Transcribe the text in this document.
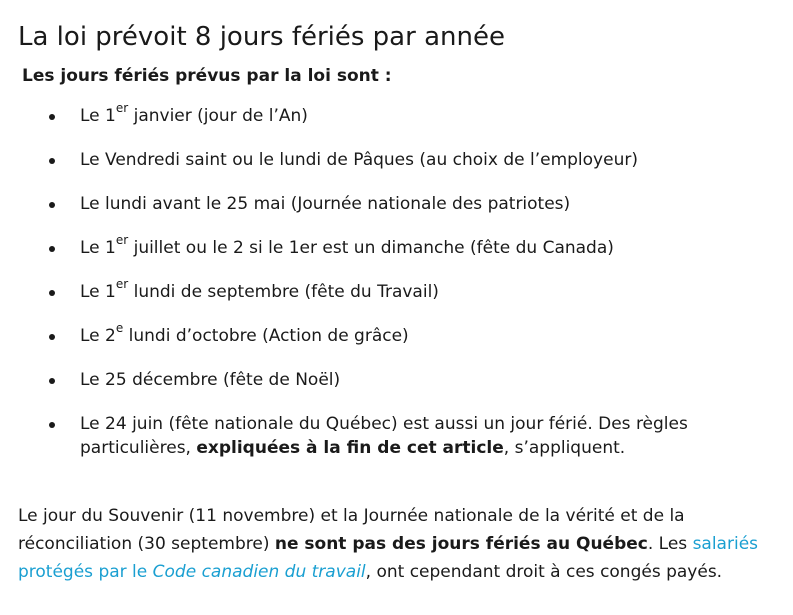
La loi prévoit 8 jours fériés par année

Les jours fériés prévus par la loi sont :

Le 1er janvier (jour de l’An)
Le Vendredi saint ou le lundi de Pâques (au choix de l’employeur)
Le lundi avant le 25 mai (Journée nationale des patriotes)
Le 1er juillet ou le 2 si le 1er est un dimanche (fête du Canada)
Le 1er lundi de septembre (fête du Travail)
Le 2e lundi d’octobre (Action de grâce)
Le 25 décembre (fête de Noël)
Le 24 juin (fête nationale du Québec) est aussi un jour férié. Des règles particulières, expliquées à la fin de cet article, s’appliquent.

Le jour du Souvenir (11 novembre) et la Journée nationale de la vérité et de la réconciliation (30 septembre) ne sont pas des jours fériés au Québec. Les salariés protégés par le Code canadien du travail, ont cependant droit à ces congés payés.
